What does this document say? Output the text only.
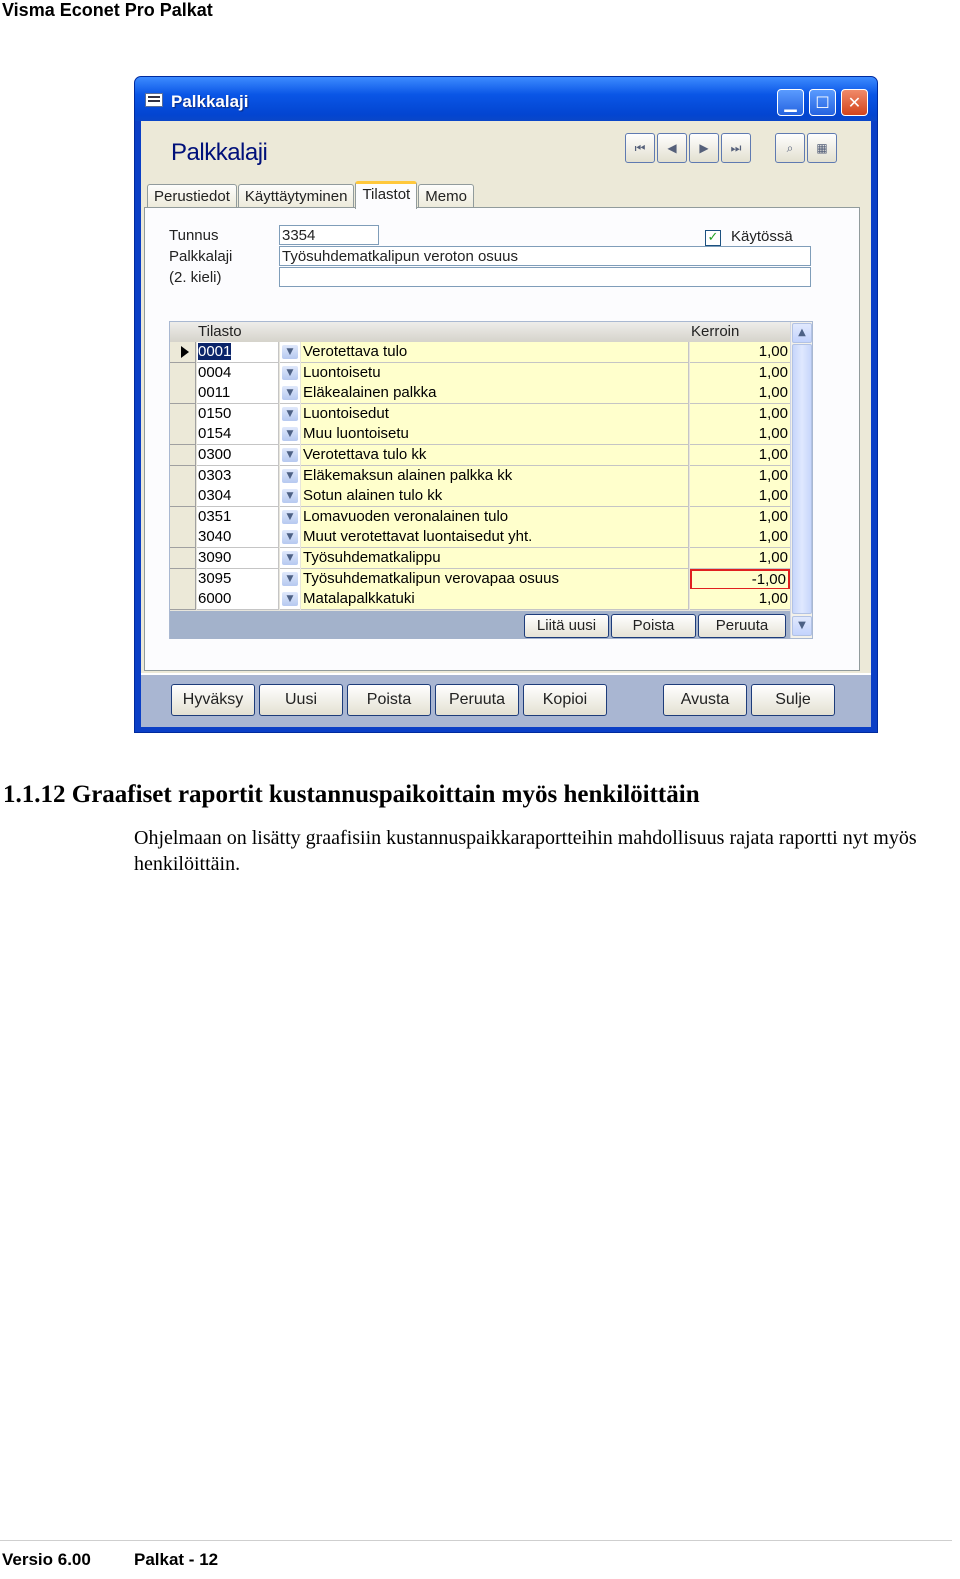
Visma Econet Pro Palkat
Palkkalaji	▁ ☐ ✕
Palkkalaji	⏮ ◀ ▶ ⏭	⌕ ▦
Perustiedot	Käyttäytyminen	Tilastot	Memo
Tunnus	3354
Palkkalaji	Työsuhdematkalipun veroton osuus
(2. kieli)
✓ Käytössä
Tilasto	Kerroin
0001	▼ Verotettava tulo	1,00
0004	▼ Luontoisetu	1,00
0011	▼ Eläkealainen palkka	1,00
0150	▼ Luontoisedut	1,00
0154	▼ Muu luontoisetu	1,00
0300	▼ Verotettava tulo kk	1,00
0303	▼ Eläkemaksun alainen palkka kk	1,00
0304	▼ Sotun alainen tulo kk	1,00
0351	▼ Lomavuoden veronalainen tulo	1,00
3040	▼ Muut verotettavat luontaisedut yht.	1,00
3090	▼ Työsuhdematkalippu	1,00
3095	▼ Työsuhdematkalipun verovapaa osuus	-1,00
6000	▼ Matalapalkkatuki	1,00
▲
▼
Liitä uusi	Poista	Peruuta
Hyväksy	Uusi	Poista	Peruuta	Kopioi	Avusta	Sulje
1.1.12 Graafiset raportit kustannuspaikoittain myös henkilöittäin
Ohjelmaan on lisätty graafisiin kustannuspaikkaraportteihin mahdollisuus rajata raportti nyt myös henkilöittäin.
Versio 6.00	Palkat - 12
